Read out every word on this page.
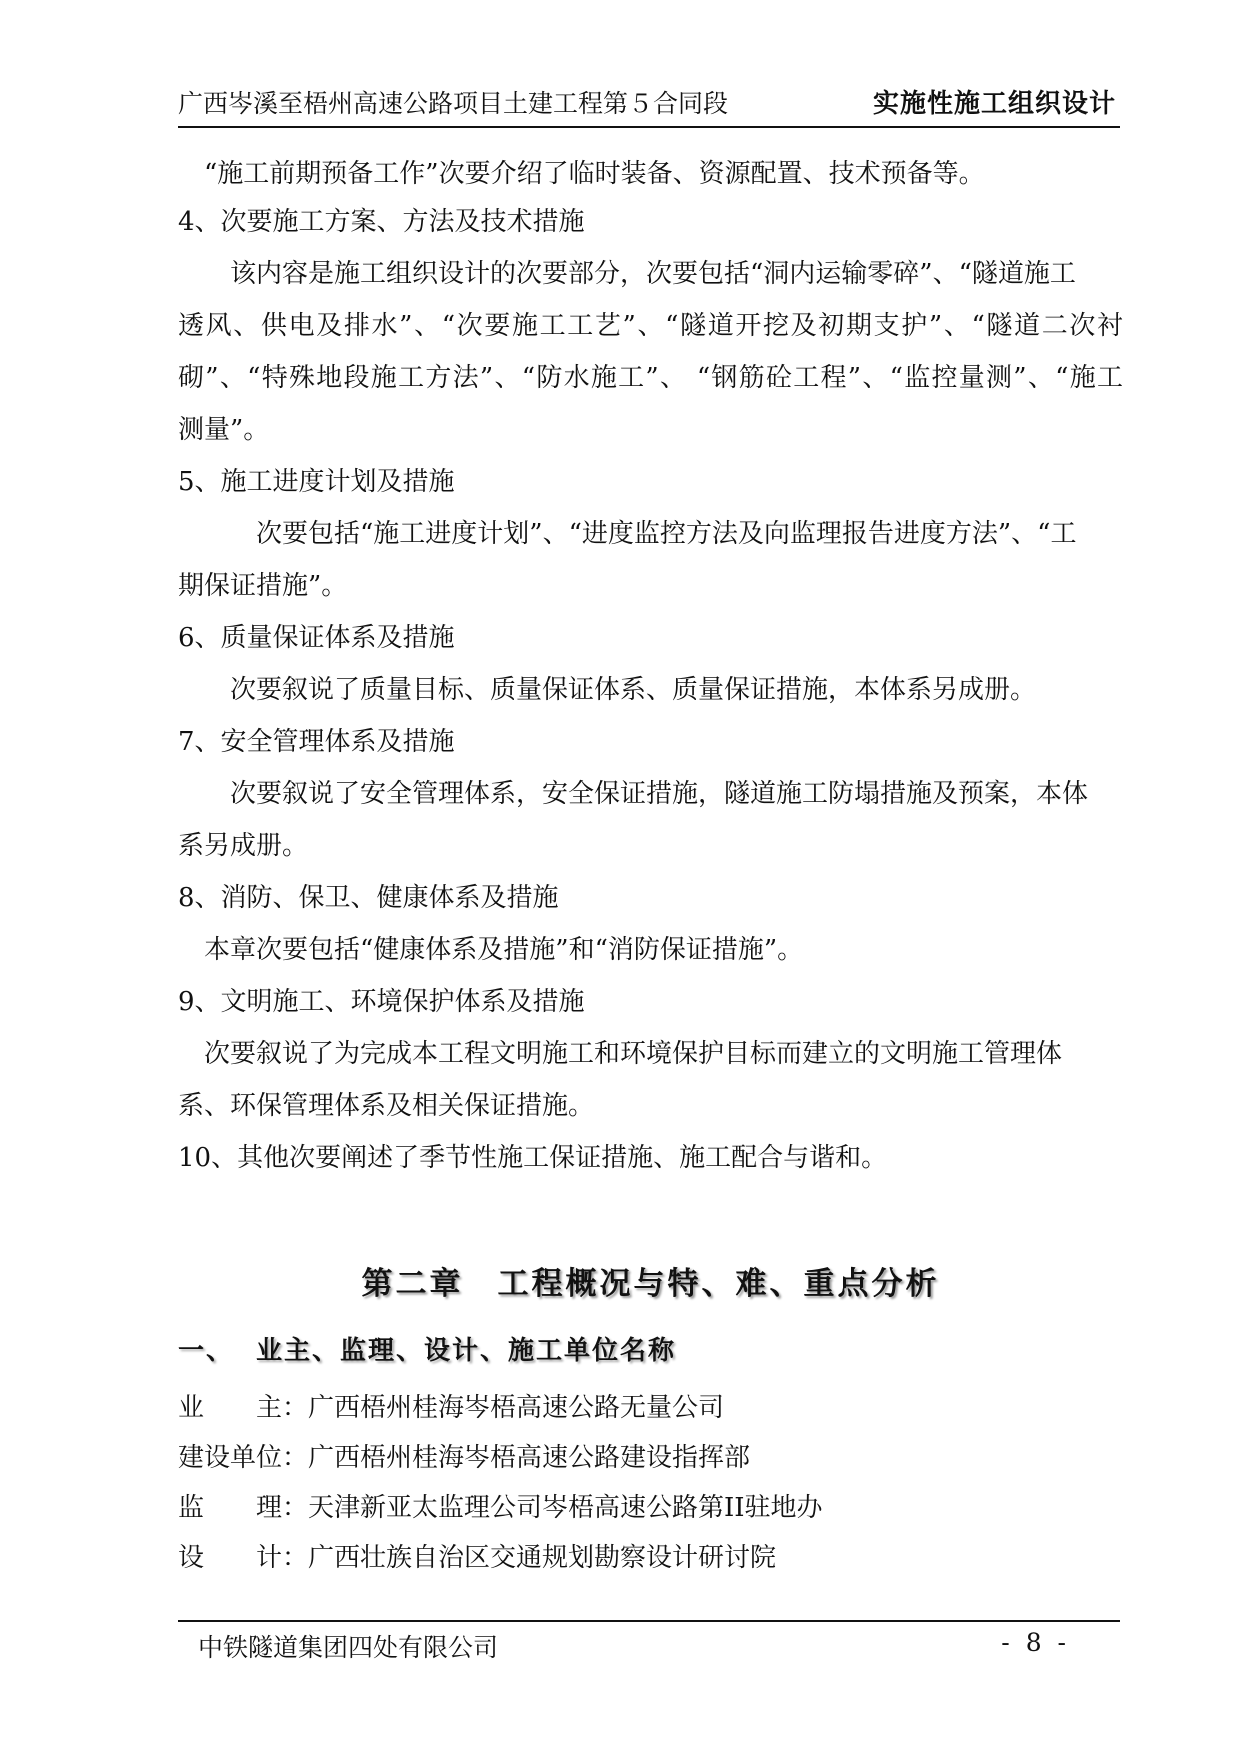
广西岑溪至梧州高速公路项目土建工程第５合同段	实施性施工组织设计
“施工前期预备工作”次要介绍了临时装备、资源配置、技术预备等。
4、次要施工方案、方法及技术措施
该内容是施工组织设计的次要部分，次要包括“洞内运输零碎”、“隧道施工
透风、供电及排水”、“次要施工工艺”、“隧道开挖及初期支护”、“隧道二次衬
砌”、“特殊地段施工方法”、“防水施工”、 “钢筋砼工程”、“监控量测”、“施工
测量”。
5、施工进度计划及措施
次要包括“施工进度计划”、“进度监控方法及向监理报告进度方法”、“工
期保证措施”。
6、质量保证体系及措施
次要叙说了质量目标、质量保证体系、质量保证措施，本体系另成册。
7、安全管理体系及措施
次要叙说了安全管理体系，安全保证措施，隧道施工防塌措施及预案，本体
系另成册。
8、消防、保卫、健康体系及措施
本章次要包括“健康体系及措施”和“消防保证措施”。
9、文明施工、环境保护体系及措施
次要叙说了为完成本工程文明施工和环境保护目标而建立的文明施工管理体
系、环保管理体系及相关保证措施。
10、其他次要阐述了季节性施工保证措施、施工配合与谐和。
第二章　工程概况与特、难、重点分析
一、 业主、监理、设计、施工单位名称
业　　主：广西梧州桂海岑梧高速公路无量公司
建设单位：广西梧州桂海岑梧高速公路建设指挥部
监　　理：天津新亚太监理公司岑梧高速公路第II驻地办
设　　计：广西壮族自治区交通规划勘察设计研讨院
中铁隧道集团四处有限公司	- 8 -
